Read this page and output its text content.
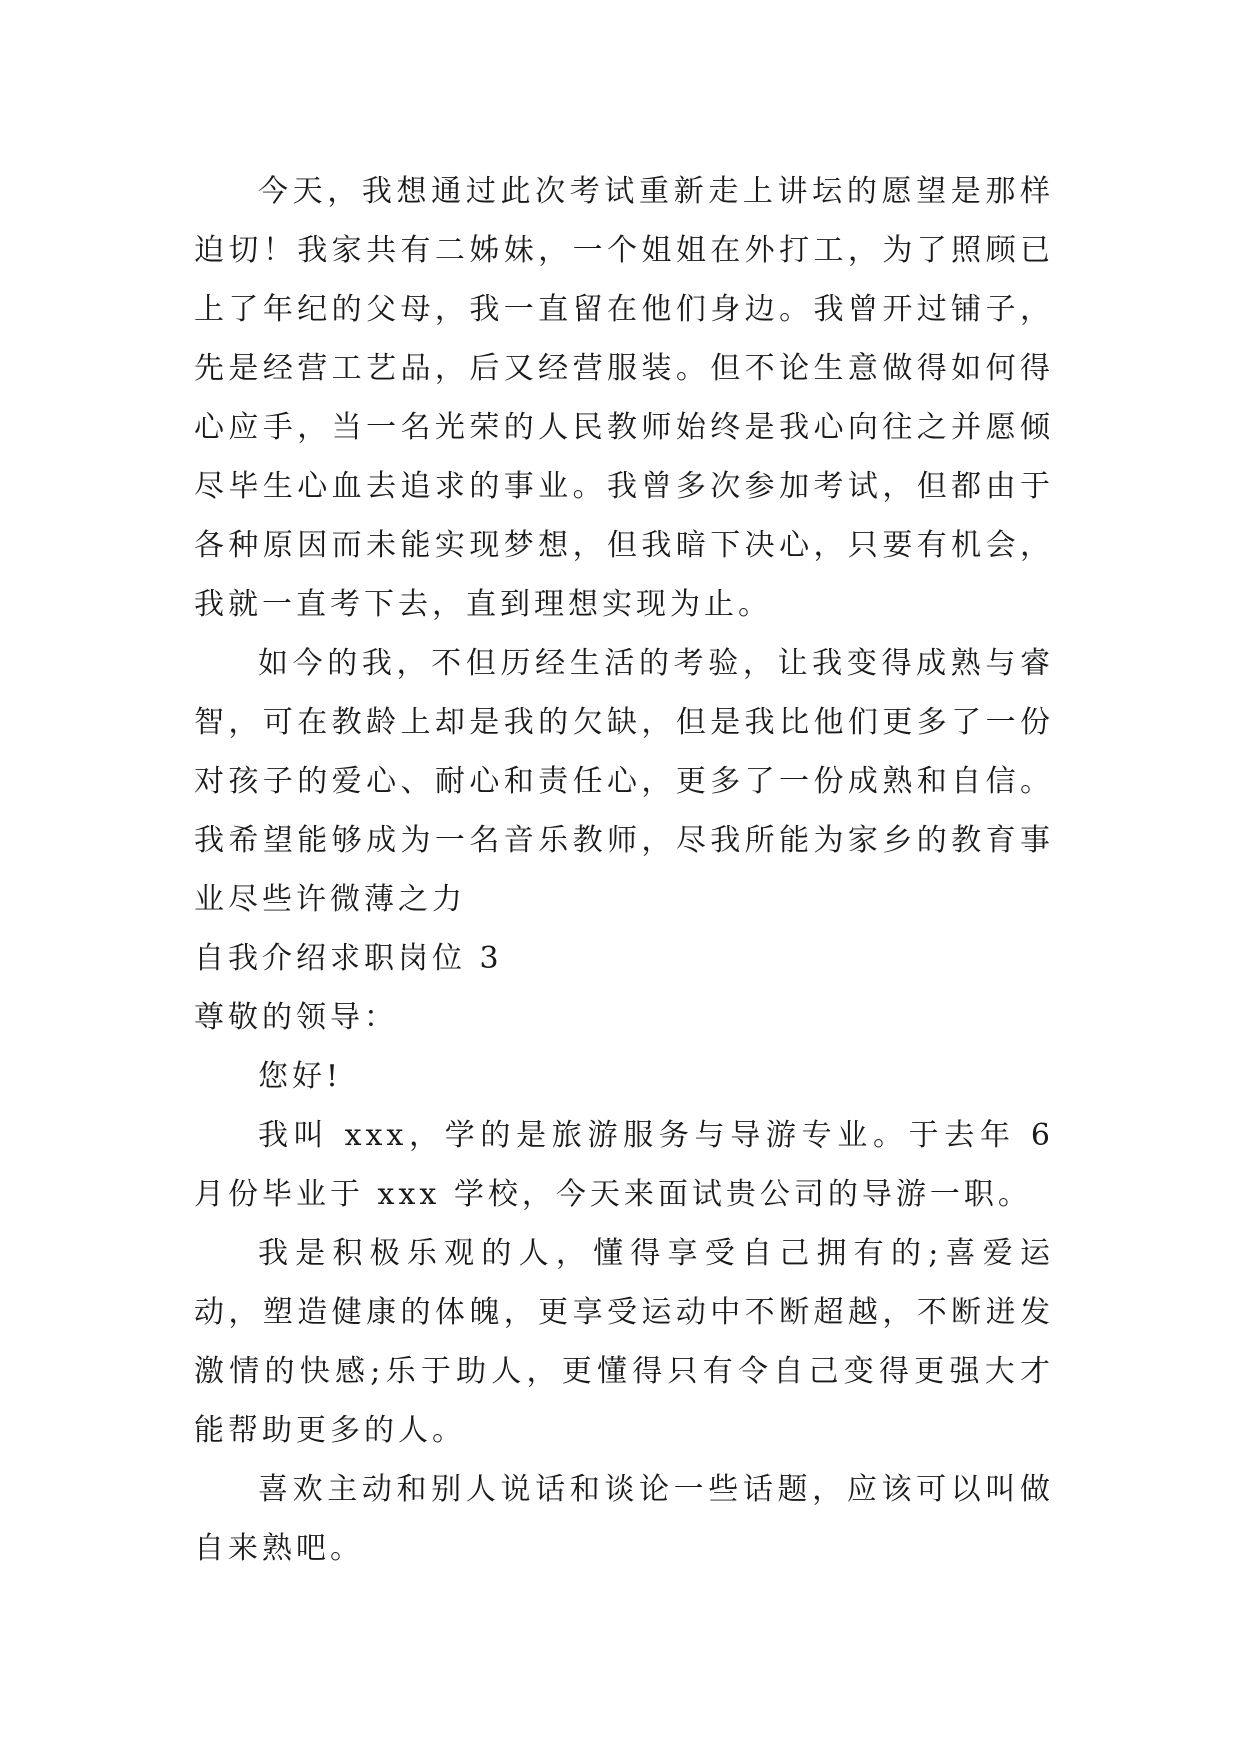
今天，我想通过此次考试重新走上讲坛的愿望是那样迫切！我家共有二姊妹，一个姐姐在外打工，为了照顾已上了年纪的父母，我一直留在他们身边。我曾开过铺子，先是经营工艺品，后又经营服装。但不论生意做得如何得心应手，当一名光荣的人民教师始终是我心向往之并愿倾尽毕生心血去追求的事业。我曾多次参加考试，但都由于各种原因而未能实现梦想，但我暗下决心，只要有机会，我就一直考下去，直到理想实现为止。

如今的我，不但历经生活的考验，让我变得成熟与睿智，可在教龄上却是我的欠缺，但是我比他们更多了一份对孩子的爱心、耐心和责任心，更多了一份成熟和自信。我希望能够成为一名音乐教师，尽我所能为家乡的教育事业尽些许微薄之力

自我介绍求职岗位 3

尊敬的领导：

您好!

我叫 xxx，学的是旅游服务与导游专业。于去年 6 月份毕业于 xxx 学校，今天来面试贵公司的导游一职。

我是积极乐观的人，懂得享受自己拥有的;喜爱运动，塑造健康的体魄，更享受运动中不断超越，不断迸发激情的快感;乐于助人，更懂得只有令自己变得更强大才能帮助更多的人。

喜欢主动和别人说话和谈论一些话题，应该可以叫做自来熟吧。
